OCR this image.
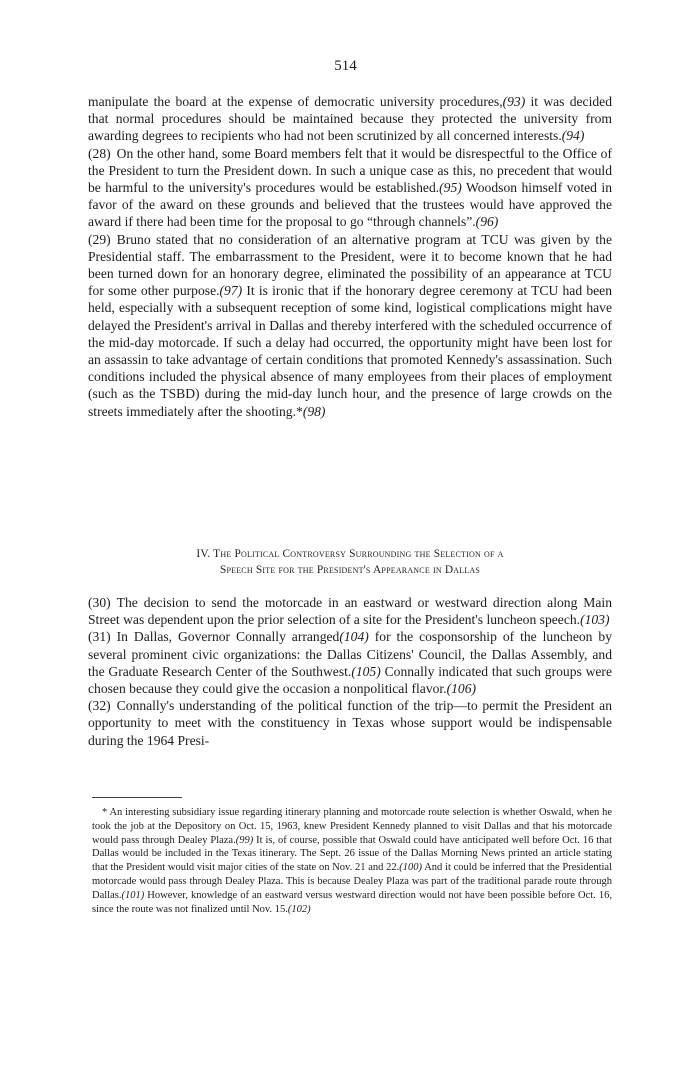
514

manipulate the board at the expense of democratic university procedures,(93) it was decided that normal procedures should be maintained because they protected the university from awarding degrees to recipients who had not been scrutinized by all concerned interests.(94)

(28) On the other hand, some Board members felt that it would be disrespectful to the Office of the President to turn the President down. In such a unique case as this, no precedent that would be harmful to the university's procedures would be established.(95) Woodson himself voted in favor of the award on these grounds and believed that the trustees would have approved the award if there had been time for the proposal to go “through channels”.(96)

(29) Bruno stated that no consideration of an alternative program at TCU was given by the Presidential staff. The embarrassment to the President, were it to become known that he had been turned down for an honorary degree, eliminated the possibility of an appearance at TCU for some other purpose.(97) It is ironic that if the honorary degree ceremony at TCU had been held, especially with a subsequent reception of some kind, logistical complications might have delayed the President's arrival in Dallas and thereby interfered with the scheduled occurrence of the mid-day motorcade. If such a delay had occurred, the opportunity might have been lost for an assassin to take advantage of certain conditions that promoted Kennedy's assassination. Such conditions included the physical absence of many employees from their places of employment (such as the TSBD) during the mid-day lunch hour, and the presence of large crowds on the streets immediately after the shooting.*(98)

IV. The Political Controversy Surrounding the Selection of a
Speech Site for the President's Appearance in Dallas

(30) The decision to send the motorcade in an eastward or westward direction along Main Street was dependent upon the prior selection of a site for the President's luncheon speech.(103)

(31) In Dallas, Governor Connally arranged(104) for the cosponsorship of the luncheon by several prominent civic organizations: the Dallas Citizens' Council, the Dallas Assembly, and the Graduate Research Center of the Southwest.(105) Connally indicated that such groups were chosen because they could give the occasion a nonpolitical flavor.(106)

(32) Connally's understanding of the political function of the trip—to permit the President an opportunity to meet with the constituency in Texas whose support would be indispensable during the 1964 Presi-

* An interesting subsidiary issue regarding itinerary planning and motorcade route selection is whether Oswald, when he took the job at the Depository on Oct. 15, 1963, knew President Kennedy planned to visit Dallas and that his motorcade would pass through Dealey Plaza.(99) It is, of course, possible that Oswald could have anticipated well before Oct. 16 that Dallas would be included in the Texas itinerary. The Sept. 26 issue of the Dallas Morning News printed an article stating that the President would visit major cities of the state on Nov. 21 and 22.(100) And it could be inferred that the Presidential motorcade would pass through Dealey Plaza. This is because Dealey Plaza was part of the traditional parade route through Dallas.(101) However, knowledge of an eastward versus westward direction would not have been possible before Oct. 16, since the route was not finalized until Nov. 15.(102)
